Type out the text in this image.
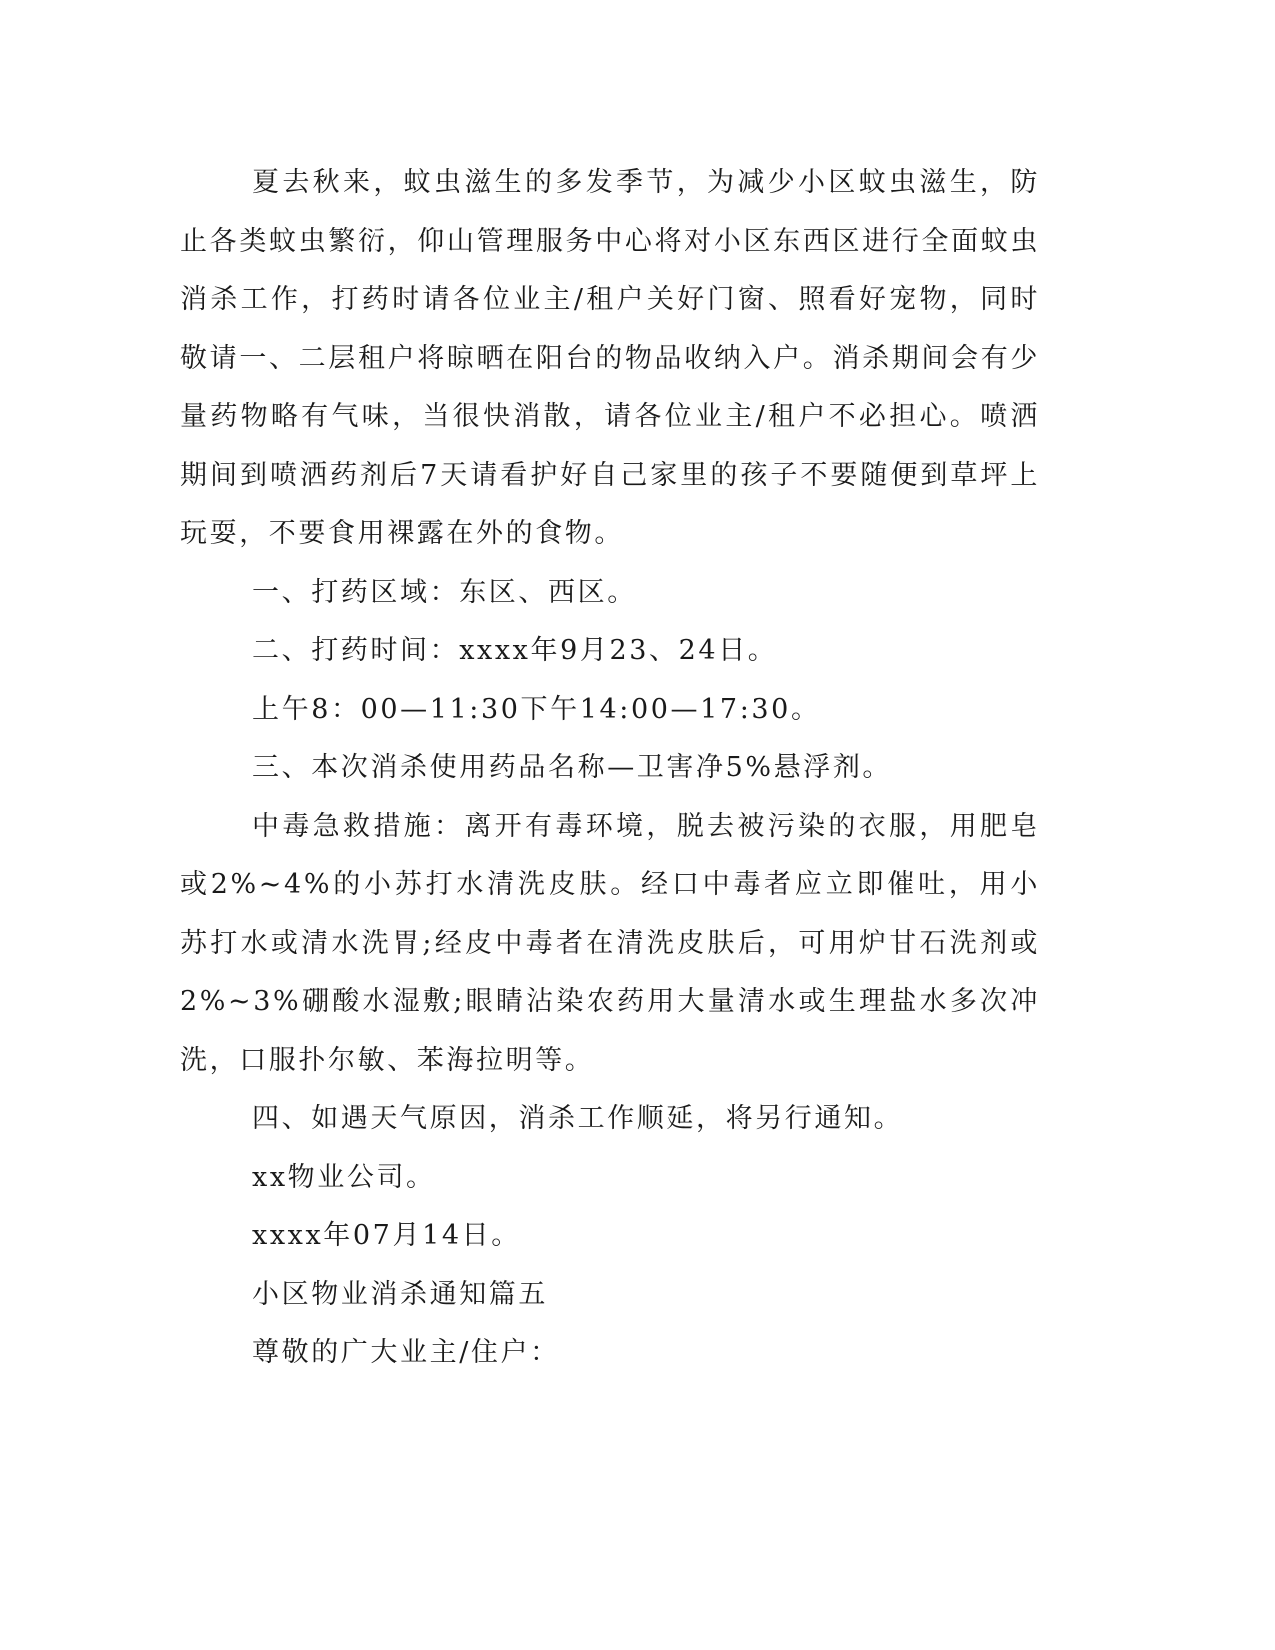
夏去秋来，蚊虫滋生的多发季节，为减少小区蚊虫滋生，防止各类蚊虫繁衍，仰山管理服务中心将对小区东西区进行全面蚊虫消杀工作，打药时请各位业主/租户关好门窗、照看好宠物，同时敬请一、二层租户将晾晒在阳台的物品收纳入户。消杀期间会有少量药物略有气味，当很快消散，请各位业主/租户不必担心。喷洒期间到喷洒药剂后7天请看护好自己家里的孩子不要随便到草坪上玩耍，不要食用裸露在外的食物。

一、打药区域：东区、西区。

二、打药时间：xxxx年9月23、24日。

上午8：00—11:30下午14:00—17:30。

三、本次消杀使用药品名称—卫害净5%悬浮剂。

中毒急救措施：离开有毒环境，脱去被污染的衣服，用肥皂或2%~4%的小苏打水清洗皮肤。经口中毒者应立即催吐，用小苏打水或清水洗胃;经皮中毒者在清洗皮肤后，可用炉甘石洗剂或2%~3%硼酸水湿敷;眼睛沾染农药用大量清水或生理盐水多次冲洗，口服扑尔敏、苯海拉明等。

四、如遇天气原因，消杀工作顺延，将另行通知。

xx物业公司。

xxxx年07月14日。

小区物业消杀通知篇五

尊敬的广大业主/住户：
